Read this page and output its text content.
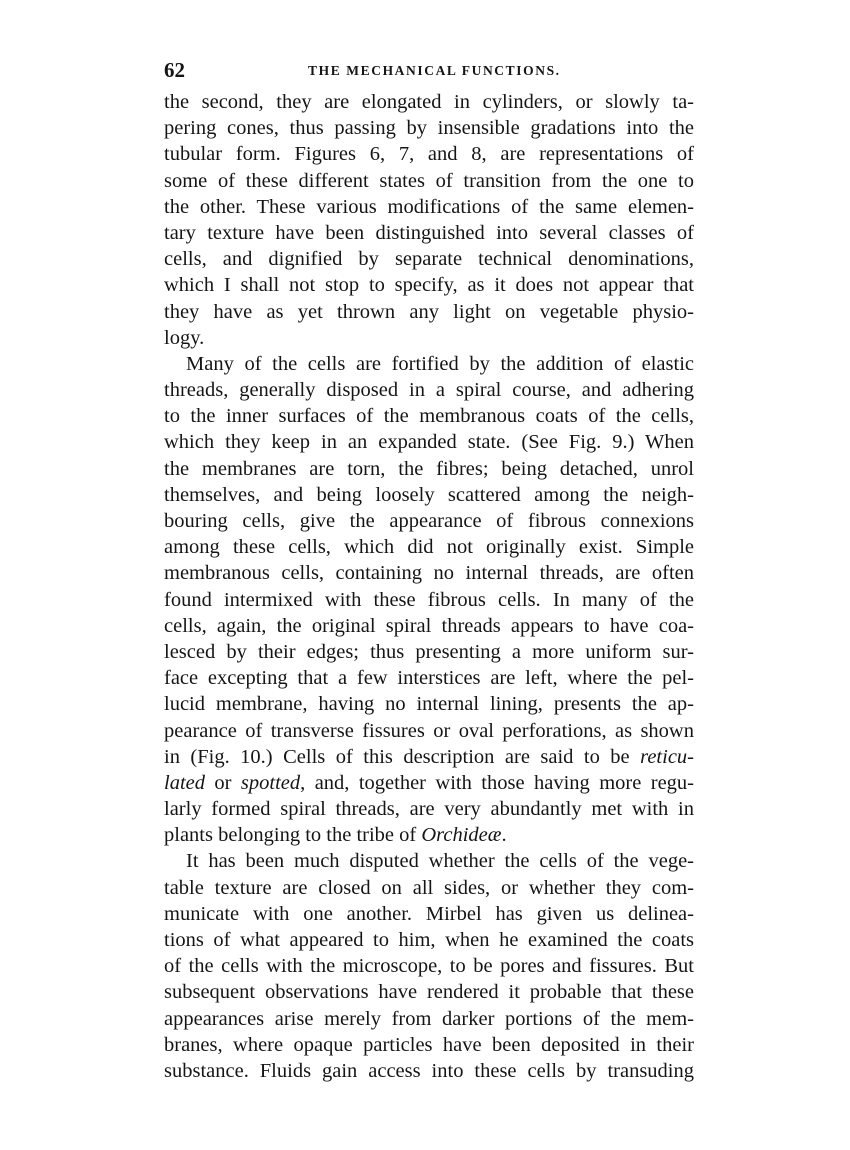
62	THE MECHANICAL FUNCTIONS.
the second, they are elongated in cylinders, or slowly ta-
pering cones, thus passing by insensible gradations into the
tubular form. Figures 6, 7, and 8, are representations of
some of these different states of transition from the one to
the other. These various modifications of the same elemen-
tary texture have been distinguished into several classes of
cells, and dignified by separate technical denominations,
which I shall not stop to specify, as it does not appear that
they have as yet thrown any light on vegetable physio-
logy.
Many of the cells are fortified by the addition of elastic
threads, generally disposed in a spiral course, and adhering
to the inner surfaces of the membranous coats of the cells,
which they keep in an expanded state. (See Fig. 9.) When
the membranes are torn, the fibres; being detached, unrol
themselves, and being loosely scattered among the neigh-
bouring cells, give the appearance of fibrous connexions
among these cells, which did not originally exist. Simple
membranous cells, containing no internal threads, are often
found intermixed with these fibrous cells. In many of the
cells, again, the original spiral threads appears to have coa-
lesced by their edges; thus presenting a more uniform sur-
face excepting that a few interstices are left, where the pel-
lucid membrane, having no internal lining, presents the ap-
pearance of transverse fissures or oval perforations, as shown
in (Fig. 10.) Cells of this description are said to be reticu-
lated or spotted, and, together with those having more regu-
larly formed spiral threads, are very abundantly met with in
plants belonging to the tribe of Orchideæ.
It has been much disputed whether the cells of the vege-
table texture are closed on all sides, or whether they com-
municate with one another. Mirbel has given us delinea-
tions of what appeared to him, when he examined the coats
of the cells with the microscope, to be pores and fissures. But
subsequent observations have rendered it probable that these
appearances arise merely from darker portions of the mem-
branes, where opaque particles have been deposited in their
substance. Fluids gain access into these cells by transuding
